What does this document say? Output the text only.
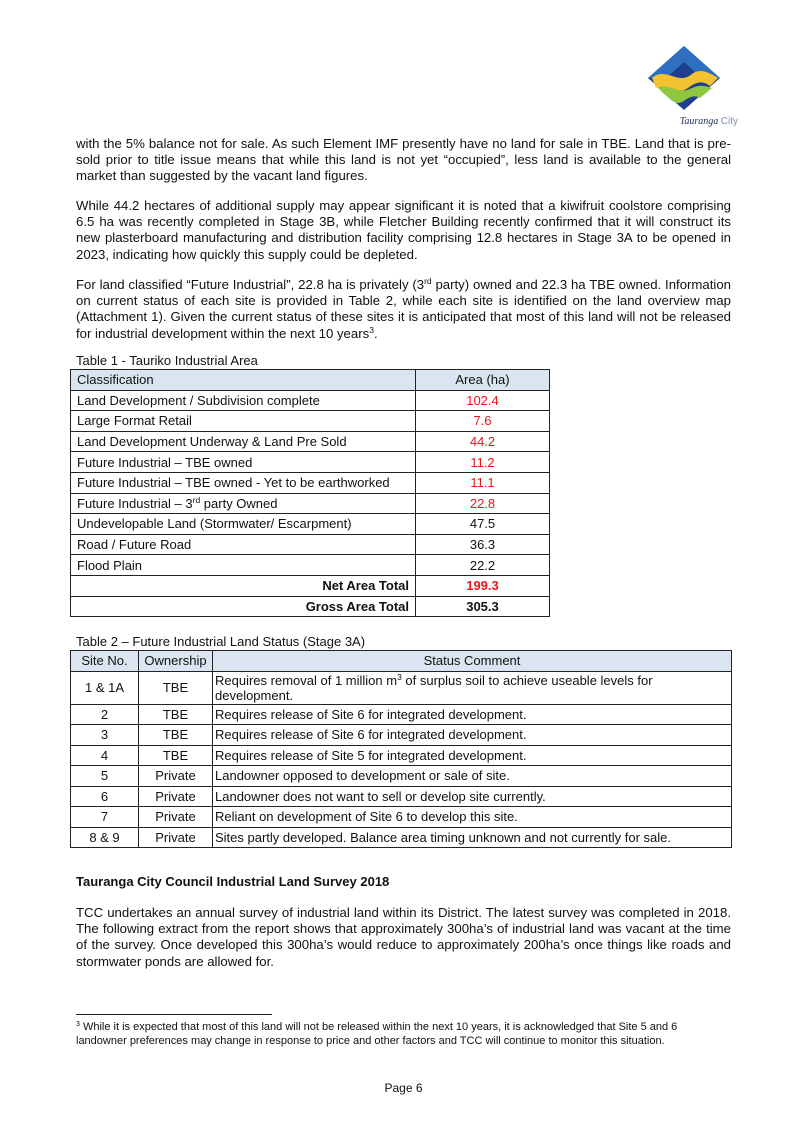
Tauranga City

with the 5% balance not for sale. As such Element IMF presently have no land for sale in TBE. Land that is pre-sold prior to title issue means that while this land is not yet “occupied”, less land is available to the general market than suggested by the vacant land figures.

While 44.2 hectares of additional supply may appear significant it is noted that a kiwifruit coolstore comprising 6.5 ha was recently completed in Stage 3B, while Fletcher Building recently confirmed that it will construct its new plasterboard manufacturing and distribution facility comprising 12.8 hectares in Stage 3A to be opened in 2023, indicating how quickly this supply could be depleted.

For land classified “Future Industrial”, 22.8 ha is privately (3rd party) owned and 22.3 ha TBE owned. Information on current status of each site is provided in Table 2, while each site is identified on the land overview map (Attachment 1). Given the current status of these sites it is anticipated that most of this land will not be released for industrial development within the next 10 years$^3$.

Table 1 - Tauriko Industrial Area

Classification	Area (ha)
Land Development / Subdivision complete	102.4
Large Format Retail	7.6
Land Development Underway & Land Pre Sold	44.2
Future Industrial – TBE owned	11.2
Future Industrial – TBE owned - Yet to be earthworked	11.1
Future Industrial – 3rd party Owned	22.8
Undevelopable Land (Stormwater/ Escarpment)	47.5
Road / Future Road	36.3
Flood Plain	22.2
Net Area Total	199.3
Gross Area Total	305.3

Table 2 – Future Industrial Land Status (Stage 3A)

Site No.	Ownership	Status Comment
1 & 1A	TBE	Requires removal of 1 million $m^3$ of surplus soil to achieve useable levels for development.
2	TBE	Requires release of Site 6 for integrated development.
3	TBE	Requires release of Site 6 for integrated development.
4	TBE	Requires release of Site 5 for integrated development.
5	Private	Landowner opposed to development or sale of site.
6	Private	Landowner does not want to sell or develop site currently.
7	Private	Reliant on development of Site 6 to develop this site.
8 & 9	Private	Sites partly developed. Balance area timing unknown and not currently for sale.

Tauranga City Council Industrial Land Survey 2018

TCC undertakes an annual survey of industrial land within its District. The latest survey was completed in 2018. The following extract from the report shows that approximately 300ha’s of industrial land was vacant at the time of the survey. Once developed this 300ha’s would reduce to approximately 200ha’s once things like roads and stormwater ponds are allowed for.

$^3$ While it is expected that most of this land will not be released within the next 10 years, it is acknowledged that Site 5 and 6 landowner preferences may change in response to price and other factors and TCC will continue to monitor this situation.

Page 6
